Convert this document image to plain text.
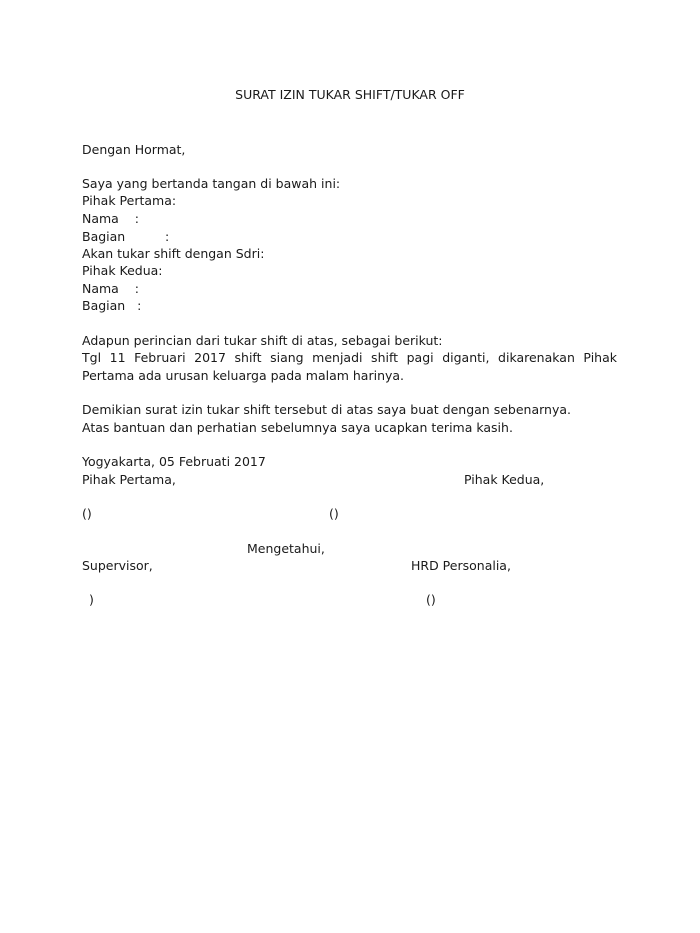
SURAT IZIN TUKAR SHIFT/TUKAR OFF
Dengan Hormat,
Saya yang bertanda tangan di bawah ini:
Pihak Pertama:
Nama    :
Bagian          :
Akan tukar shift dengan Sdri:
Pihak Kedua:
Nama    :
Bagian   :
Adapun perincian dari tukar shift di atas, sebagai berikut:
Tgl 11 Februari 2017 shift siang menjadi shift pagi diganti, dikarenakan Pihak Pertama ada urusan keluarga pada malam harinya.
Demikian surat izin tukar shift tersebut di atas saya buat dengan sebenarnya.
Atas bantuan dan perhatian sebelumnya saya ucapkan terima kasih.
Yogyakarta, 05 Februati 2017
Pihak Pertama,	Pihak Kedua,
()	()
Mengetahui,
Supervisor,	HRD Personalia,
)	()
